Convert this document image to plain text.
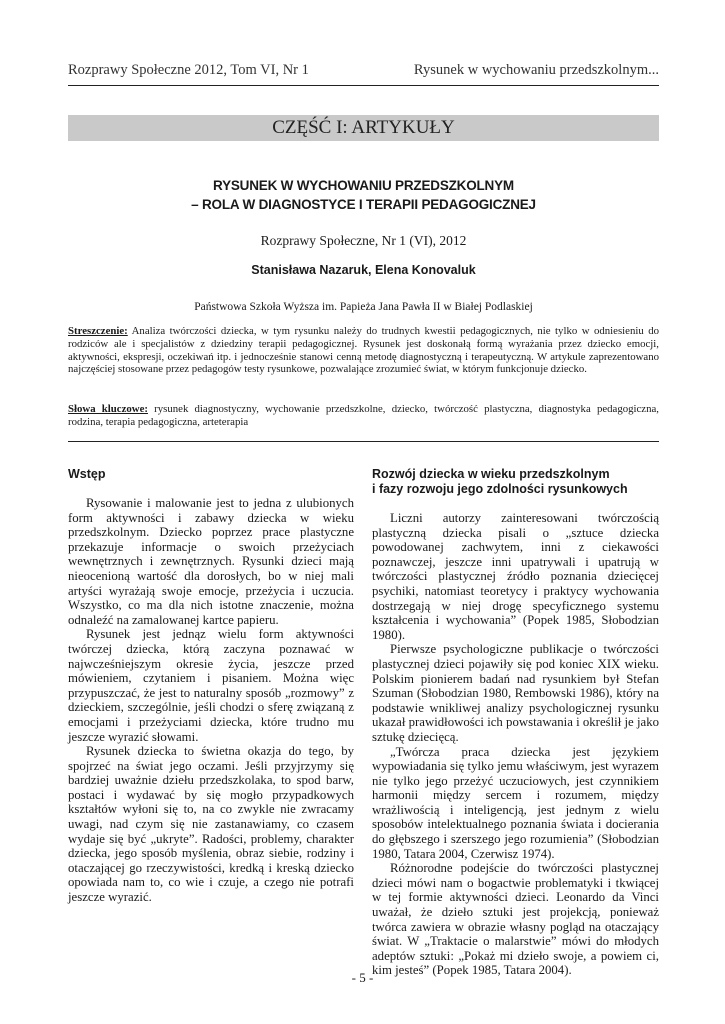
Rozprawy Społeczne 2012, Tom VI, Nr 1	Rysunek w wychowaniu przedszkolnym...
CZĘŚĆ I: ARTYKUŁY
RYSUNEK W WYCHOWANIU PRZEDSZKOLNYM
– ROLA W DIAGNOSTYCE I TERAPII PEDAGOGICZNEJ
Rozprawy Społeczne, Nr 1 (VI), 2012
Stanisława Nazaruk, Elena Konovaluk
Państwowa Szkoła Wyższa im. Papieża Jana Pawła II w Białej Podlaskiej

Streszczenie: Analiza twórczości dziecka, w tym rysunku należy do trudnych kwestii pedagogicznych, nie tylko w odniesieniu do rodziców ale i specjalistów z dziedziny terapii pedagogicznej. Rysunek jest doskonałą formą wyrażania przez dziecko emocji, aktywności, ekspresji, oczekiwań itp. i jednocześnie stanowi cenną metodę diagnostyczną i terapeutyczną. W artykule zaprezentowano najczęściej stosowane przez pedagogów testy rysunkowe, pozwalające zrozumieć świat, w którym funkcjonuje dziecko.

Słowa kluczowe: rysunek diagnostyczny, wychowanie przedszkolne, dziecko, twórczość plastyczna, diagnostyka pedagogiczna, rodzina, terapia pedagogiczna, arteterapia

Wstęp

Rysowanie i malowanie jest to jedna z ulubionych form aktywności i zabawy dziecka w wieku przedszkolnym. Dziecko poprzez prace plastyczne przekazuje informacje o swoich przeżyciach wewnętrznych i zewnętrznych. Rysunki dzieci mają nieocenioną wartość dla dorosłych, bo w niej mali artyści wyrażają swoje emocje, przeżycia i uczucia. Wszystko, co ma dla nich istotne znaczenie, można odnaleźć na zamalowanej kartce papieru.

Rysunek jest jednąz wielu form aktywności twórczej dziecka, którą zaczyna poznawać w najwcześniejszym okresie życia, jeszcze przed mówieniem, czytaniem i pisaniem. Można więc przypuszczać, że jest to naturalny sposób „rozmowy” z dzieckiem, szczególnie, jeśli chodzi o sferę związaną z emocjami i przeżyciami dziecka, które trudno mu jeszcze wyrazić słowami.

Rysunek dziecka to świetna okazja do tego, by spojrzeć na świat jego oczami. Jeśli przyjrzymy się bardziej uważnie dziełu przedszkolaka, to spod barw, postaci i wydawać by się mogło przypadkowych kształtów wyłoni się to, na co zwykle nie zwracamy uwagi, nad czym się nie zastanawiamy, co czasem wydaje się być „ukryte”. Radości, problemy, charakter dziecka, jego sposób myślenia, obraz siebie, rodziny i otaczającej go rzeczywistości, kredką i kreską dziecko opowiada nam to, co wie i czuje, a czego nie potrafi jeszcze wyrazić.

Rozwój dziecka w wieku przedszkolnym
i fazy rozwoju jego zdolności rysunkowych

Liczni autorzy zainteresowani twórczością plastyczną dziecka pisali o „sztuce dziecka powodowanej zachwytem, inni z ciekawości poznawczej, jeszcze inni upatrywali i upatrują w twórczości plastycznej źródło poznania dziecięcej psychiki, natomiast teoretycy i praktycy wychowania dostrzegają w niej drogę specyficznego systemu kształcenia i wychowania” (Popek 1985, Słobodzian 1980).

Pierwsze psychologiczne publikacje o twórczości plastycznej dzieci pojawiły się pod koniec XIX wieku. Polskim pionierem badań nad rysunkiem był Stefan Szuman (Słobodzian 1980, Rembowski 1986), który na podstawie wnikliwej analizy psychologicznej rysunku ukazał prawidłowości ich powstawania i określił je jako sztukę dziecięcą.

„Twórcza praca dziecka jest językiem wypowiadania się tylko jemu właściwym, jest wyrazem nie tylko jego przeżyć uczuciowych, jest czynnikiem harmonii między sercem i rozumem, między wrażliwością i inteligencją, jest jednym z wielu sposobów intelektualnego poznania świata i docierania do głębszego i szerszego jego rozumienia” (Słobodzian 1980, Tatara 2004, Czerwisz 1974).

Różnorodne podejście do twórczości plastycznej dzieci mówi nam o bogactwie problematyki i tkwiącej w tej formie aktywności dzieci. Leonardo da Vinci uważał, że dzieło sztuki jest projekcją, ponieważ twórca zawiera w obrazie własny pogląd na otaczający świat. W „Traktacie o malarstwie” mówi do młodych adeptów sztuki: „Pokaż mi dzieło swoje, a powiem ci, kim jesteś” (Popek 1985, Tatara 2004).

- 5 -
